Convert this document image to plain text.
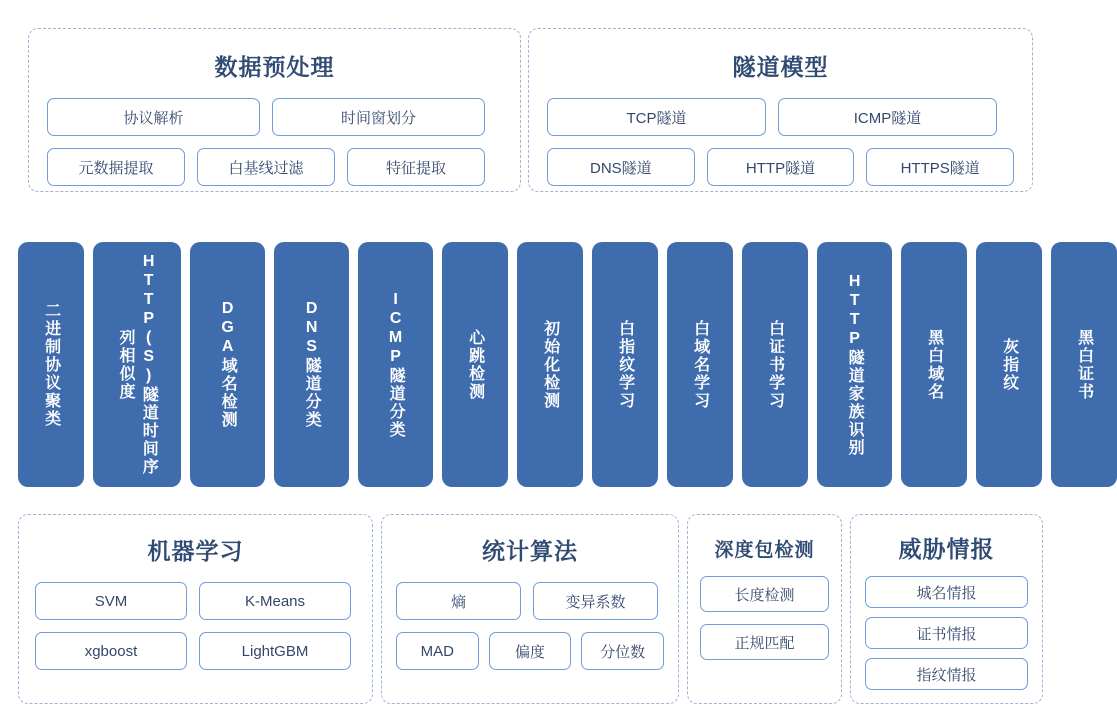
数据预处理
协议解析	时间窗划分
元数据提取	白基线过滤	特征提取
隧道模型
TCP隧道	ICMP隧道
DNS隧道	HTTP隧道	HTTPS隧道
二进制协议聚类	HTTP(S)隧道时间序列相似度	DGA域名检测	DNS隧道分类	ICMP隧道分类	心跳检测	初始化检测	白指纹学习	白域名学习	白证书学习	HTTP隧道家族识别	黑白域名	灰指纹	黑白证书
机器学习
SVM	K-Means
xgboost	LightGBM
统计算法
熵	变异系数
MAD	偏度	分位数
深度包检测
长度检测
正规匹配
威胁情报
城名情报
证书情报
指纹情报
